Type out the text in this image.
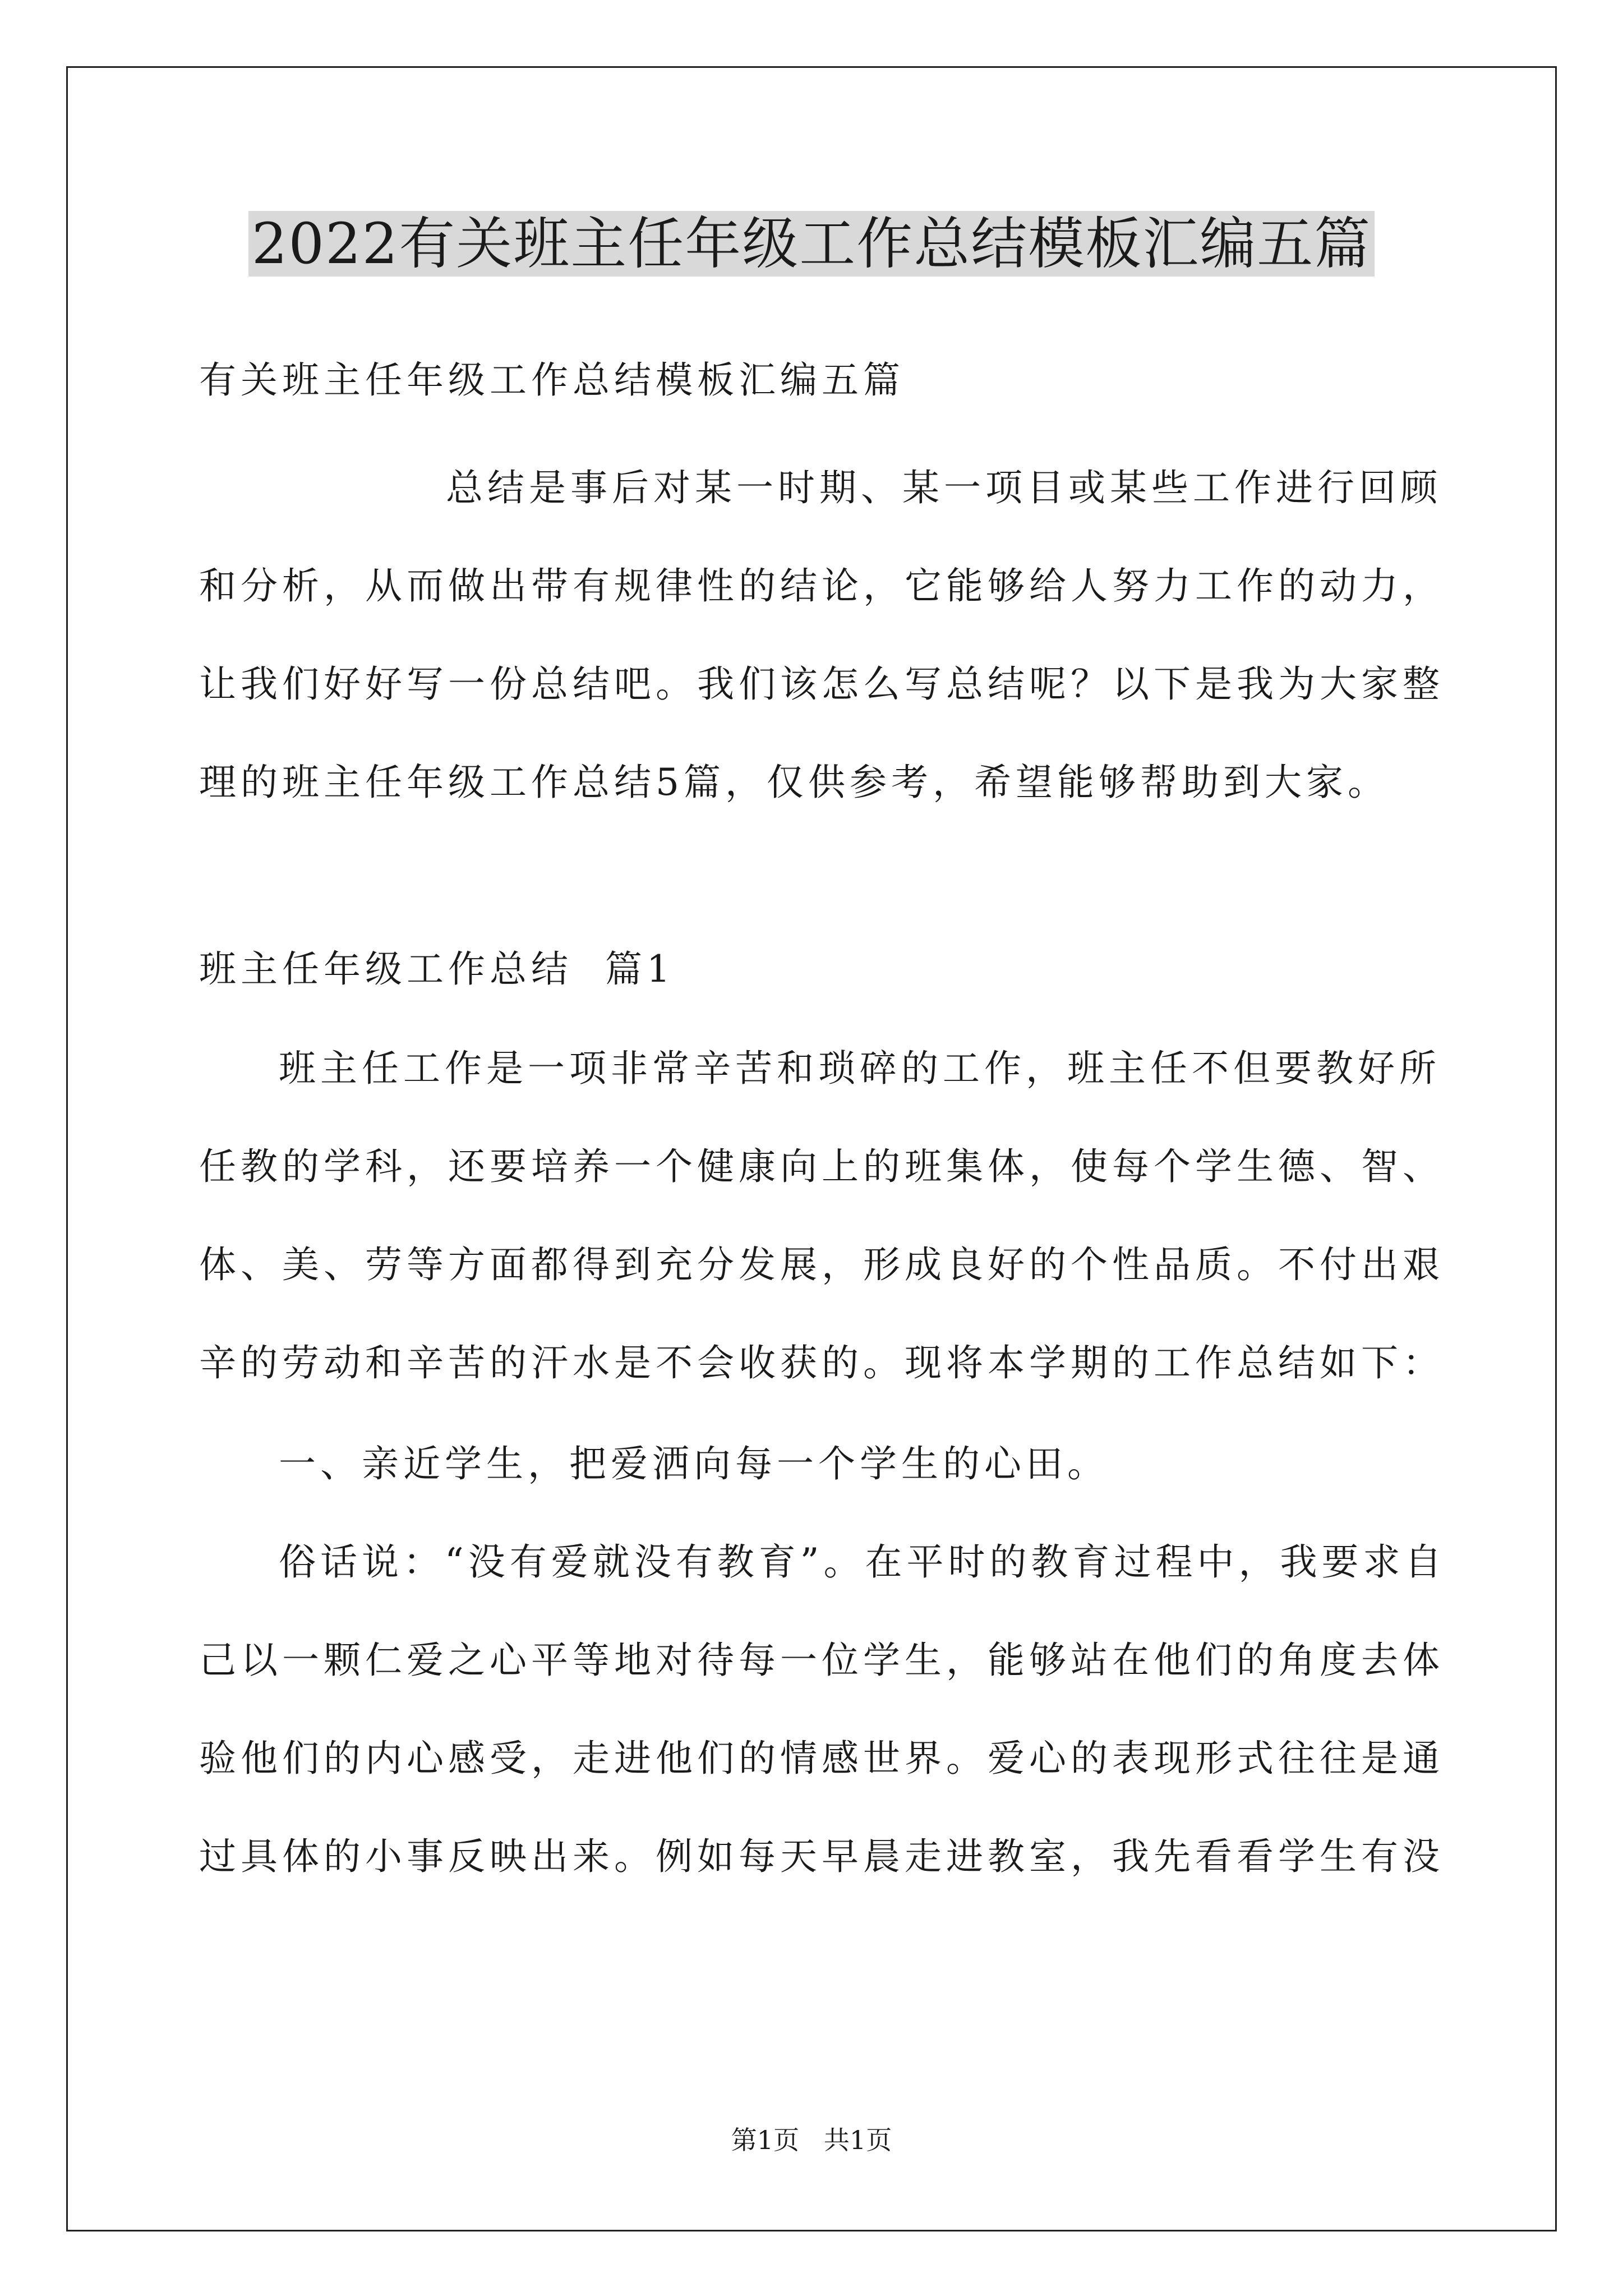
2022有关班主任年级工作总结模板汇编五篇

有关班主任年级工作总结模板汇编五篇

总结是事后对某一时期、某一项目或某些工作进行回顾

和分析，从而做出带有规律性的结论，它能够给人努力工作的动力，

让我们好好写一份总结吧。我们该怎么写总结呢？以下是我为大家整

理的班主任年级工作总结5篇，仅供参考，希望能够帮助到大家。

班主任年级工作总结  篇1

班主任工作是一项非常辛苦和琐碎的工作，班主任不但要教好所

任教的学科，还要培养一个健康向上的班集体，使每个学生德、智、

体、美、劳等方面都得到充分发展，形成良好的个性品质。不付出艰

辛的劳动和辛苦的汗水是不会收获的。现将本学期的工作总结如下：

一、亲近学生，把爱洒向每一个学生的心田。

俗话说：“没有爱就没有教育”。在平时的教育过程中，我要求自

己以一颗仁爱之心平等地对待每一位学生，能够站在他们的角度去体

验他们的内心感受，走进他们的情感世界。爱心的表现形式往往是通

过具体的小事反映出来。例如每天早晨走进教室，我先看看学生有没

第1页   共1页
